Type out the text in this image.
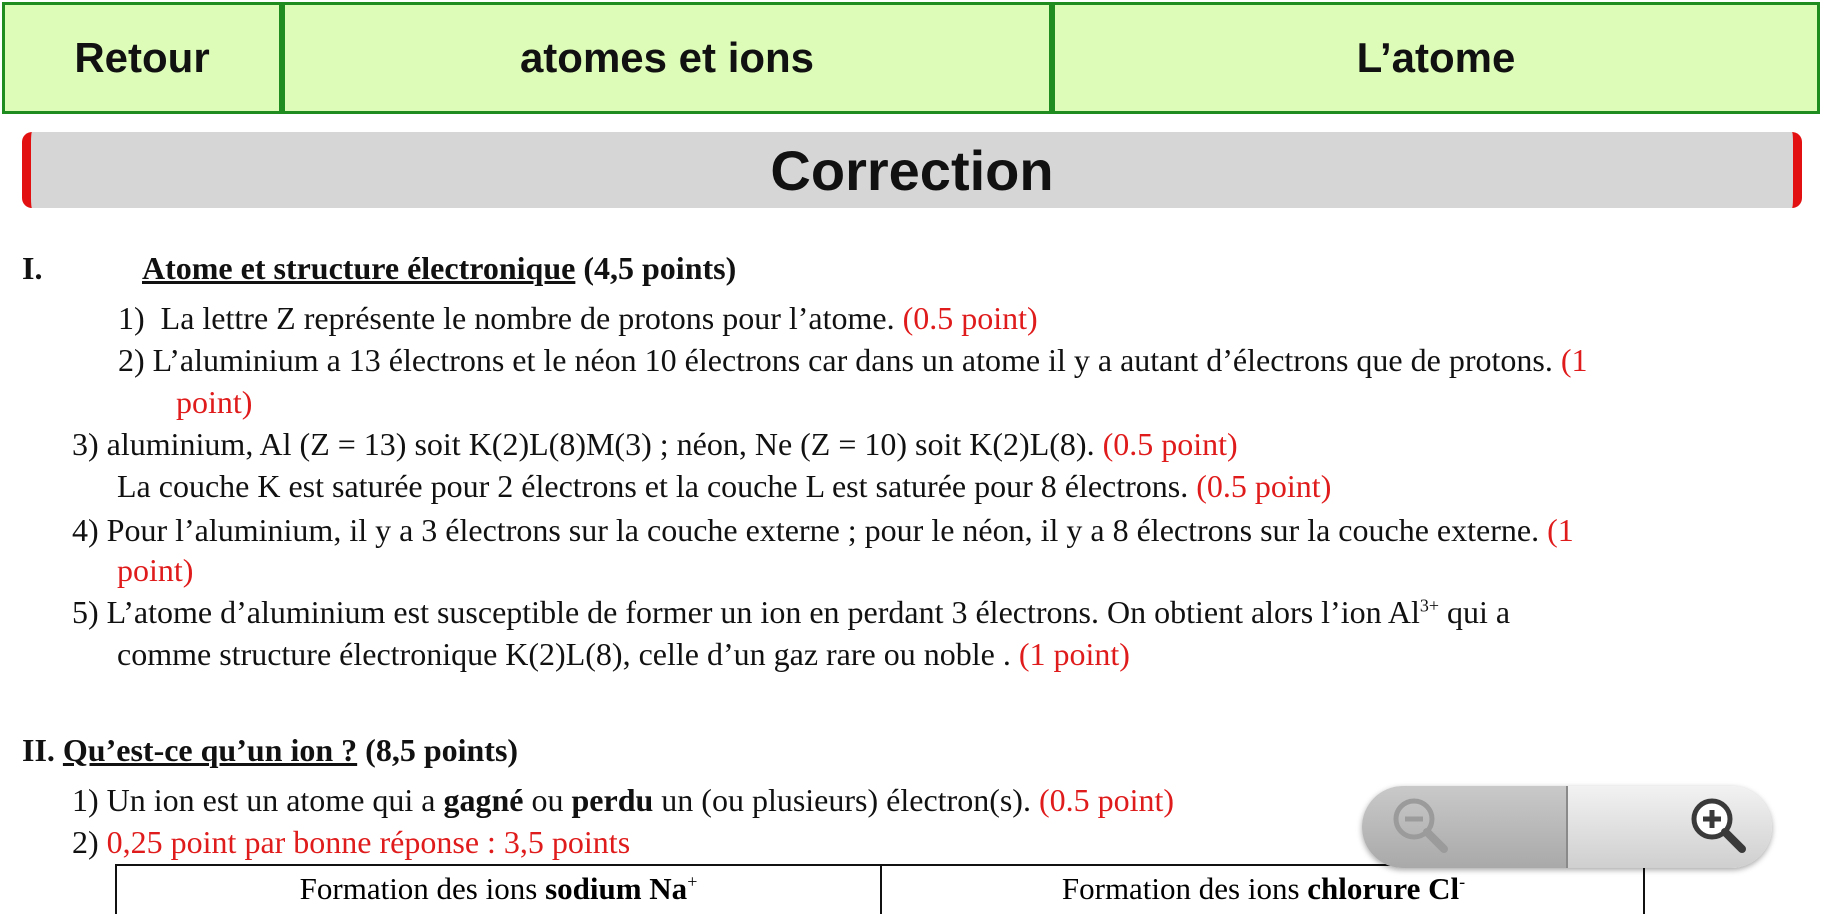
Retour	atomes et ions	L’atome
Correction
I.	Atome et structure électronique (4,5 points)
1) La lettre Z représente le nombre de protons pour l’atome. (0.5 point)
2) L’aluminium a 13 électrons et le néon 10 électrons car dans un atome il y a autant d’électrons que de protons. (1
point)
3) aluminium, Al (Z = 13) soit K(2)L(8)M(3) ; néon, Ne (Z = 10) soit K(2)L(8). (0.5 point)
La couche K est saturée pour 2 électrons et la couche L est saturée pour 8 électrons. (0.5 point)
4) Pour l’aluminium, il y a 3 électrons sur la couche externe ; pour le néon, il y a 8 électrons sur la couche externe. (1
point)
5) L’atome d’aluminium est susceptible de former un ion en perdant 3 électrons. On obtient alors l’ion $Al^{3+}$ qui a
comme structure électronique K(2)L(8), celle d’un gaz rare ou noble . (1 point)
II. Qu’est-ce qu’un ion ? (8,5 points)
1) Un ion est un atome qui a gagné ou perdu un (ou plusieurs) électron(s). (0.5 point)
2) 0,25 point par bonne réponse : 3,5 points
Formation des ions sodium Na+	Formation des ions chlorure Cl-
